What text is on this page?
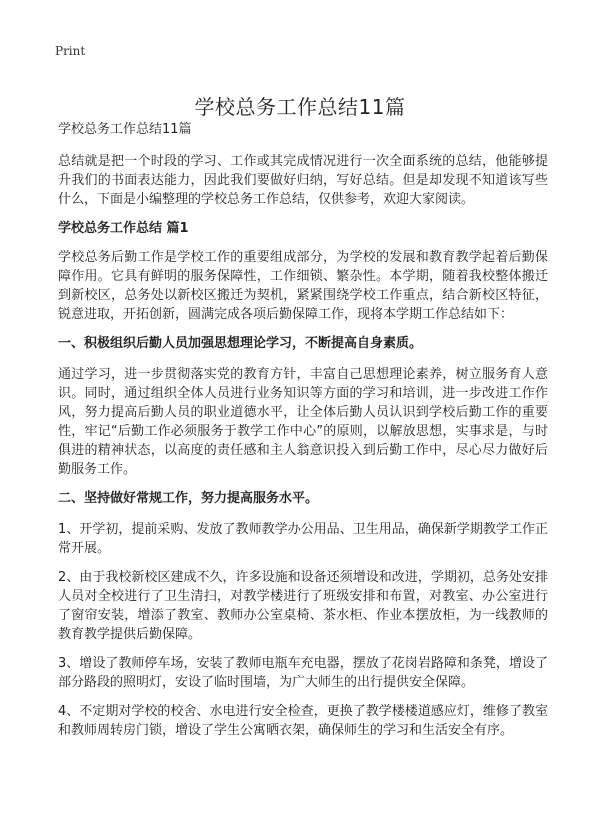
Print
学校总务工作总结11篇

学校总务工作总结11篇

总结就是把一个时段的学习、工作或其完成情况进行一次全面系统的总结，他能够提升我们的书面表达能力，因此我们要做好归纳，写好总结。但是却发现不知道该写些什么，下面是小编整理的学校总务工作总结，仅供参考，欢迎大家阅读。

学校总务工作总结 篇1

学校总务后勤工作是学校工作的重要组成部分，为学校的发展和教育教学起着后勤保障作用。它具有鲜明的服务保障性，工作细锁、繁杂性。本学期，随着我校整体搬迁到新校区，总务处以新校区搬迁为契机，紧紧围绕学校工作重点，结合新校区特征，锐意进取，开拓创新，圆满完成各项后勤保障工作，现将本学期工作总结如下：

一、积极组织后勤人员加强思想理论学习，不断提高自身素质。

通过学习，进一步贯彻落实党的教育方针，丰富自己思想理论素养，树立服务育人意识。同时，通过组织全体人员进行业务知识等方面的学习和培训，进一步改进工作作风，努力提高后勤人员的职业道德水平，让全体后勤人员认识到学校后勤工作的重要性，牢记“后勤工作必须服务于教学工作中心”的原则，以解放思想，实事求是，与时俱进的精神状态，以高度的责任感和主人翁意识投入到后勤工作中，尽心尽力做好后勤服务工作。

二、坚持做好常规工作，努力提高服务水平。

1、开学初，提前采购、发放了教师教学办公用品、卫生用品，确保新学期教学工作正常开展。

2、由于我校新校区建成不久，许多设施和设备还须增设和改进，学期初，总务处安排人员对全校进行了卫生清扫，对教学楼进行了班级安排和布置，对教室、办公室进行了窗帘安装，增添了教室、教师办公室桌椅、茶水柜、作业本摆放柜，为一线教师的教育教学提供后勤保障。

3、增设了教师停车场，安装了教师电瓶车充电器，摆放了花岗岩路障和条凳，增设了部分路段的照明灯，安设了临时围墙，为广大师生的出行提供安全保障。

4、不定期对学校的校舍、水电进行安全检查，更换了教学楼楼道感应灯，维修了教室和教师周转房门锁，增设了学生公寓晒衣架，确保师生的学习和生活安全有序。
